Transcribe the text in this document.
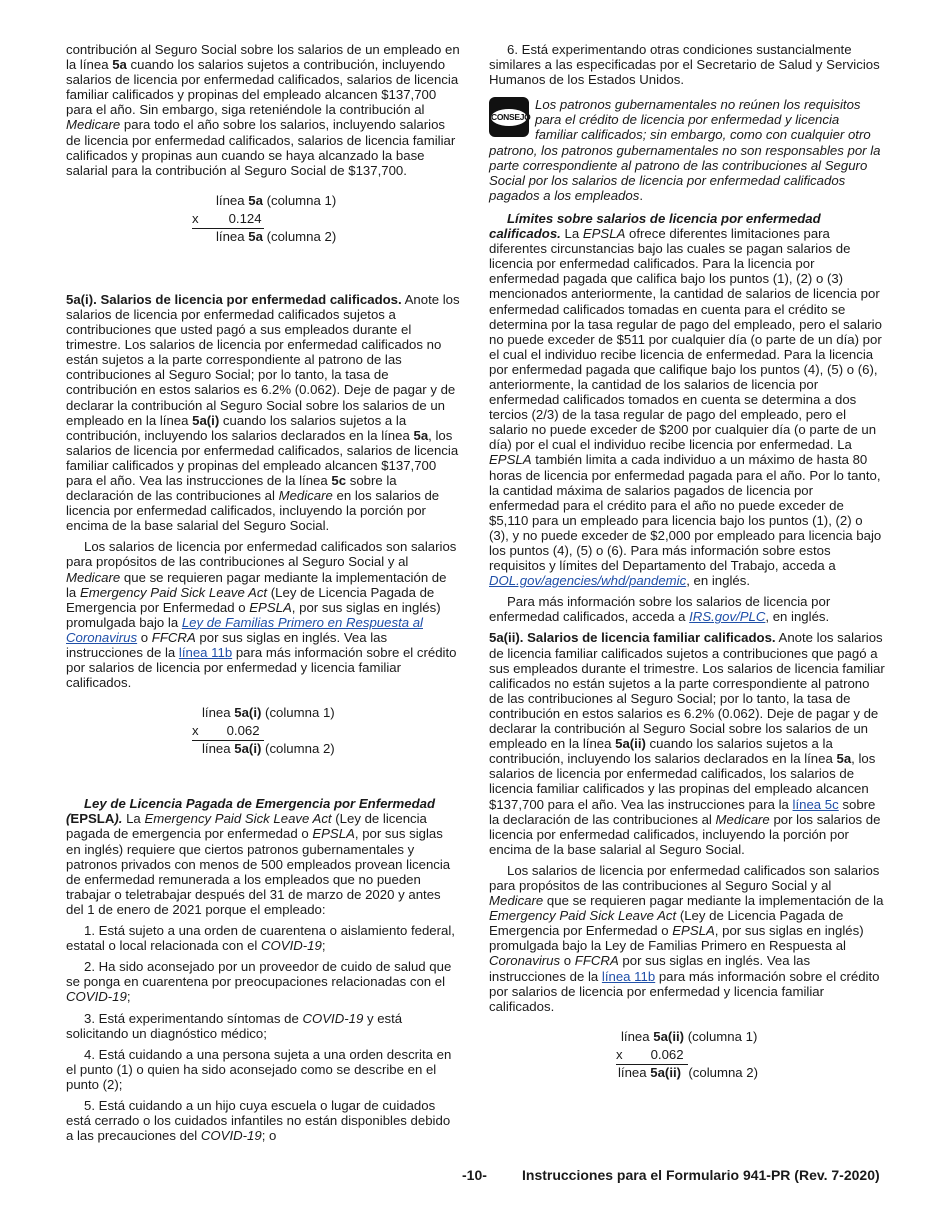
contribución al Seguro Social sobre los salarios de un empleado en la línea 5a cuando los salarios sujetos a contribución, incluyendo salarios de licencia por enfermedad calificados, salarios de licencia familiar calificados y propinas del empleado alcancen $137,700 para el año. Sin embargo, siga reteniéndole la contribución al Medicare para todo el año sobre los salarios, incluyendo salarios de licencia por enfermedad calificados, salarios de licencia familiar calificados y propinas aun cuando se haya alcanzado la base salarial para la contribución al Seguro Social de $137,700.

línea 5a (columna 1)
x 0.124
línea 5a (columna 2)

5a(i). Salarios de licencia por enfermedad calificados. Anote los salarios de licencia por enfermedad calificados sujetos a contribuciones que usted pagó a sus empleados durante el trimestre. Los salarios de licencia por enfermedad calificados no están sujetos a la parte correspondiente al patrono de las contribuciones al Seguro Social; por lo tanto, la tasa de contribución en estos salarios es 6.2% (0.062). Deje de pagar y de declarar la contribución al Seguro Social sobre los salarios de un empleado en la línea 5a(i) cuando los salarios sujetos a la contribución, incluyendo los salarios declarados en la línea 5a, los salarios de licencia por enfermedad calificados, salarios de licencia familiar calificados y propinas del empleado alcancen $137,700 para el año. Vea las instrucciones de la línea 5c sobre la declaración de las contribuciones al Medicare en los salarios de licencia por enfermedad calificados, incluyendo la porción por encima de la base salarial del Seguro Social.

Los salarios de licencia por enfermedad calificados son salarios para propósitos de las contribuciones al Seguro Social y al Medicare que se requieren pagar mediante la implementación de la Emergency Paid Sick Leave Act (Ley de Licencia Pagada de Emergencia por Enfermedad o EPSLA, por sus siglas en inglés) promulgada bajo la Ley de Familias Primero en Respuesta al Coronavirus o FFCRA por sus siglas en inglés. Vea las instrucciones de la línea 11b para más información sobre el crédito por salarios de licencia por enfermedad y licencia familiar calificados.

línea 5a(i) (columna 1)
x 0.062
línea 5a(i) (columna 2)

Ley de Licencia Pagada de Emergencia por Enfermedad (EPSLA). La Emergency Paid Sick Leave Act (Ley de licencia pagada de emergencia por enfermedad o EPSLA, por sus siglas en inglés) requiere que ciertos patronos gubernamentales y patronos privados con menos de 500 empleados provean licencia de enfermedad remunerada a los empleados que no pueden trabajar o teletrabajar después del 31 de marzo de 2020 y antes del 1 de enero de 2021 porque el empleado:

1. Está sujeto a una orden de cuarentena o aislamiento federal, estatal o local relacionada con el COVID-19;

2. Ha sido aconsejado por un proveedor de cuido de salud que se ponga en cuarentena por preocupaciones relacionadas con el COVID-19;

3. Está experimentando síntomas de COVID-19 y está solicitando un diagnóstico médico;

4. Está cuidando a una persona sujeta a una orden descrita en el punto (1) o quien ha sido aconsejado como se describe en el punto (2);

5. Está cuidando a un hijo cuya escuela o lugar de cuidados está cerrado o los cuidados infantiles no están disponibles debido a las precauciones del COVID-19; o

6. Está experimentando otras condiciones sustancialmente similares a las especificadas por el Secretario de Salud y Servicios Humanos de los Estados Unidos.

CONSEJO

Los patronos gubernamentales no reúnen los requisitos para el crédito de licencia por enfermedad y licencia familiar calificados; sin embargo, como con cualquier otro patrono, los patronos gubernamentales no son responsables por la parte correspondiente al patrono de las contribuciones al Seguro Social por los salarios de licencia por enfermedad calificados pagados a los empleados.

Límites sobre salarios de licencia por enfermedad calificados. La EPSLA ofrece diferentes limitaciones para diferentes circunstancias bajo las cuales se pagan salarios de licencia por enfermedad calificados. Para la licencia por enfermedad pagada que califica bajo los puntos (1), (2) o (3) mencionados anteriormente, la cantidad de salarios de licencia por enfermedad calificados tomadas en cuenta para el crédito se determina por la tasa regular de pago del empleado, pero el salario no puede exceder de $511 por cualquier día (o parte de un día) por el cual el individuo recibe licencia de enfermedad. Para la licencia por enfermedad pagada que califique bajo los puntos (4), (5) o (6), anteriormente, la cantidad de los salarios de licencia por enfermedad calificados tomados en cuenta se determina a dos tercios (2/3) de la tasa regular de pago del empleado, pero el salario no puede exceder de $200 por cualquier día (o parte de un día) por el cual el individuo recibe licencia por enfermedad. La EPSLA también limita a cada individuo a un máximo de hasta 80 horas de licencia por enfermedad pagada para el año. Por lo tanto, la cantidad máxima de salarios pagados de licencia por enfermedad para el crédito para el año no puede exceder de $5,110 para un empleado para licencia bajo los puntos (1), (2) o (3), y no puede exceder de $2,000 por empleado para licencia bajo los puntos (4), (5) o (6). Para más información sobre estos requisitos y límites del Departamento del Trabajo, acceda a DOL.gov/agencies/whd/pandemic, en inglés.

Para más información sobre los salarios de licencia por enfermedad calificados, acceda a IRS.gov/PLC, en inglés.

5a(ii). Salarios de licencia familiar calificados. Anote los salarios de licencia familiar calificados sujetos a contribuciones que pagó a sus empleados durante el trimestre. Los salarios de licencia familiar calificados no están sujetos a la parte correspondiente al patrono de las contribuciones al Seguro Social; por lo tanto, la tasa de contribución en estos salarios es 6.2% (0.062). Deje de pagar y de declarar la contribución al Seguro Social sobre los salarios de un empleado en la línea 5a(ii) cuando los salarios sujetos a la contribución, incluyendo los salarios declarados en la línea 5a, los salarios de licencia por enfermedad calificados, los salarios de licencia familiar calificados y las propinas del empleado alcancen $137,700 para el año. Vea las instrucciones para la línea 5c sobre la declaración de las contribuciones al Medicare por los salarios de licencia por enfermedad calificados, incluyendo la porción por encima de la base salarial al Seguro Social.

Los salarios de licencia por enfermedad calificados son salarios para propósitos de las contribuciones al Seguro Social y al Medicare que se requieren pagar mediante la implementación de la Emergency Paid Sick Leave Act (Ley de Licencia Pagada de Emergencia por Enfermedad o EPSLA, por sus siglas en inglés) promulgada bajo la Ley de Familias Primero en Respuesta al Coronavirus o FFCRA por sus siglas en inglés. Vea las instrucciones de la línea 11b para más información sobre el crédito por salarios de licencia por enfermedad y licencia familiar calificados.

línea 5a(ii) (columna 1)
x 0.062
línea 5a(ii)  (columna 2)
-10-	Instrucciones para el Formulario 941-PR (Rev. 7-2020)
